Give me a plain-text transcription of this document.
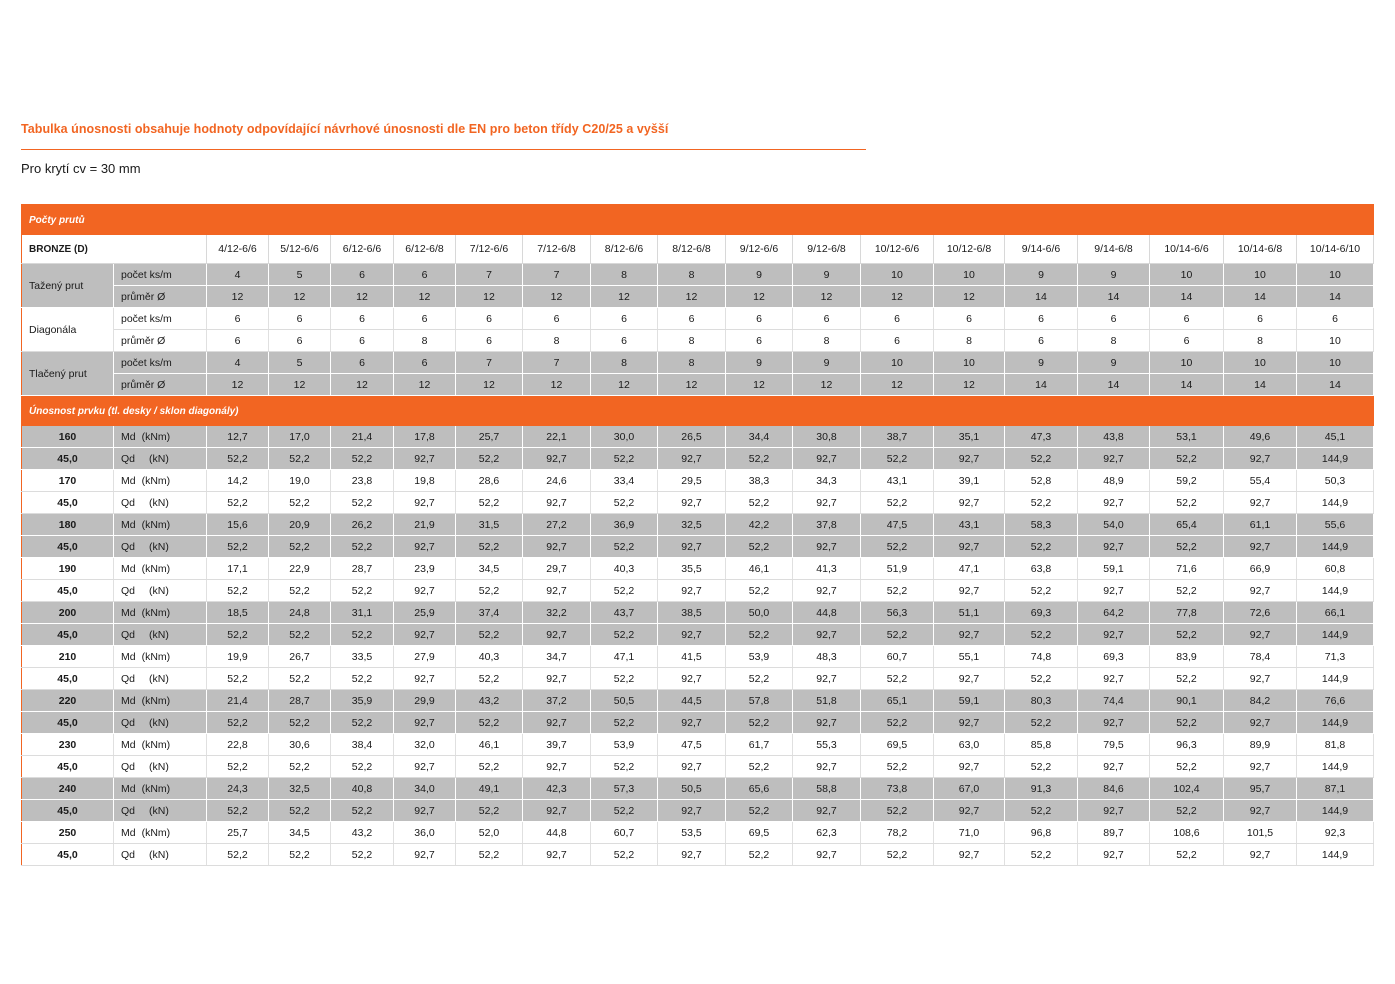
Tabulka únosnosti obsahuje hodnoty odpovídající návrhové únosnosti dle EN pro beton třídy C20/25 a vyšší
Pro krytí cv = 30 mm
Počty prutů																		
BRONZE (D)		4/12-6/6	5/12-6/6	6/12-6/6	6/12-6/8	7/12-6/6	7/12-6/8	8/12-6/6	8/12-6/8	9/12-6/6	9/12-6/8	10/12-6/6	10/12-6/8	9/14-6/6	9/14-6/8	10/14-6/6	10/14-6/8	10/14-6/10
Tažený prut	počet ks/m	4	5	6	6	7	7	8	8	9	9	10	10	9	9	10	10	10
	průměr Ø	12	12	12	12	12	12	12	12	12	12	12	12	14	14	14	14	14
Diagonála	počet ks/m	6	6	6	6	6	6	6	6	6	6	6	6	6	6	6	6	6
	průměr Ø	6	6	6	8	6	8	6	8	6	8	6	8	6	8	6	8	10
Tlačený prut	počet ks/m	4	5	6	6	7	7	8	8	9	9	10	10	9	9	10	10	10
	průměr Ø	12	12	12	12	12	12	12	12	12	12	12	12	14	14	14	14	14
Únosnost prvku (tl. desky / sklon diagonály)																		
160	Md (kNm)	12,7	17,0	21,4	17,8	25,7	22,1	30,0	26,5	34,4	30,8	38,7	35,1	47,3	43,8	53,1	49,6	45,1
45,0	Qd (kN)	52,2	52,2	52,2	92,7	52,2	92,7	52,2	92,7	52,2	92,7	52,2	92,7	52,2	92,7	52,2	92,7	144,9
170	Md (kNm)	14,2	19,0	23,8	19,8	28,6	24,6	33,4	29,5	38,3	34,3	43,1	39,1	52,8	48,9	59,2	55,4	50,3
45,0	Qd (kN)	52,2	52,2	52,2	92,7	52,2	92,7	52,2	92,7	52,2	92,7	52,2	92,7	52,2	92,7	52,2	92,7	144,9
180	Md (kNm)	15,6	20,9	26,2	21,9	31,5	27,2	36,9	32,5	42,2	37,8	47,5	43,1	58,3	54,0	65,4	61,1	55,6
45,0	Qd (kN)	52,2	52,2	52,2	92,7	52,2	92,7	52,2	92,7	52,2	92,7	52,2	92,7	52,2	92,7	52,2	92,7	144,9
190	Md (kNm)	17,1	22,9	28,7	23,9	34,5	29,7	40,3	35,5	46,1	41,3	51,9	47,1	63,8	59,1	71,6	66,9	60,8
45,0	Qd (kN)	52,2	52,2	52,2	92,7	52,2	92,7	52,2	92,7	52,2	92,7	52,2	92,7	52,2	92,7	52,2	92,7	144,9
200	Md (kNm)	18,5	24,8	31,1	25,9	37,4	32,2	43,7	38,5	50,0	44,8	56,3	51,1	69,3	64,2	77,8	72,6	66,1
45,0	Qd (kN)	52,2	52,2	52,2	92,7	52,2	92,7	52,2	92,7	52,2	92,7	52,2	92,7	52,2	92,7	52,2	92,7	144,9
210	Md (kNm)	19,9	26,7	33,5	27,9	40,3	34,7	47,1	41,5	53,9	48,3	60,7	55,1	74,8	69,3	83,9	78,4	71,3
45,0	Qd (kN)	52,2	52,2	52,2	92,7	52,2	92,7	52,2	92,7	52,2	92,7	52,2	92,7	52,2	92,7	52,2	92,7	144,9
220	Md (kNm)	21,4	28,7	35,9	29,9	43,2	37,2	50,5	44,5	57,8	51,8	65,1	59,1	80,3	74,4	90,1	84,2	76,6
45,0	Qd (kN)	52,2	52,2	52,2	92,7	52,2	92,7	52,2	92,7	52,2	92,7	52,2	92,7	52,2	92,7	52,2	92,7	144,9
230	Md (kNm)	22,8	30,6	38,4	32,0	46,1	39,7	53,9	47,5	61,7	55,3	69,5	63,0	85,8	79,5	96,3	89,9	81,8
45,0	Qd (kN)	52,2	52,2	52,2	92,7	52,2	92,7	52,2	92,7	52,2	92,7	52,2	92,7	52,2	92,7	52,2	92,7	144,9
240	Md (kNm)	24,3	32,5	40,8	34,0	49,1	42,3	57,3	50,5	65,6	58,8	73,8	67,0	91,3	84,6	102,4	95,7	87,1
45,0	Qd (kN)	52,2	52,2	52,2	92,7	52,2	92,7	52,2	92,7	52,2	92,7	52,2	92,7	52,2	92,7	52,2	92,7	144,9
250	Md (kNm)	25,7	34,5	43,2	36,0	52,0	44,8	60,7	53,5	69,5	62,3	78,2	71,0	96,8	89,7	108,6	101,5	92,3
45,0	Qd (kN)	52,2	52,2	52,2	92,7	52,2	92,7	52,2	92,7	52,2	92,7	52,2	92,7	52,2	92,7	52,2	92,7	144,9
